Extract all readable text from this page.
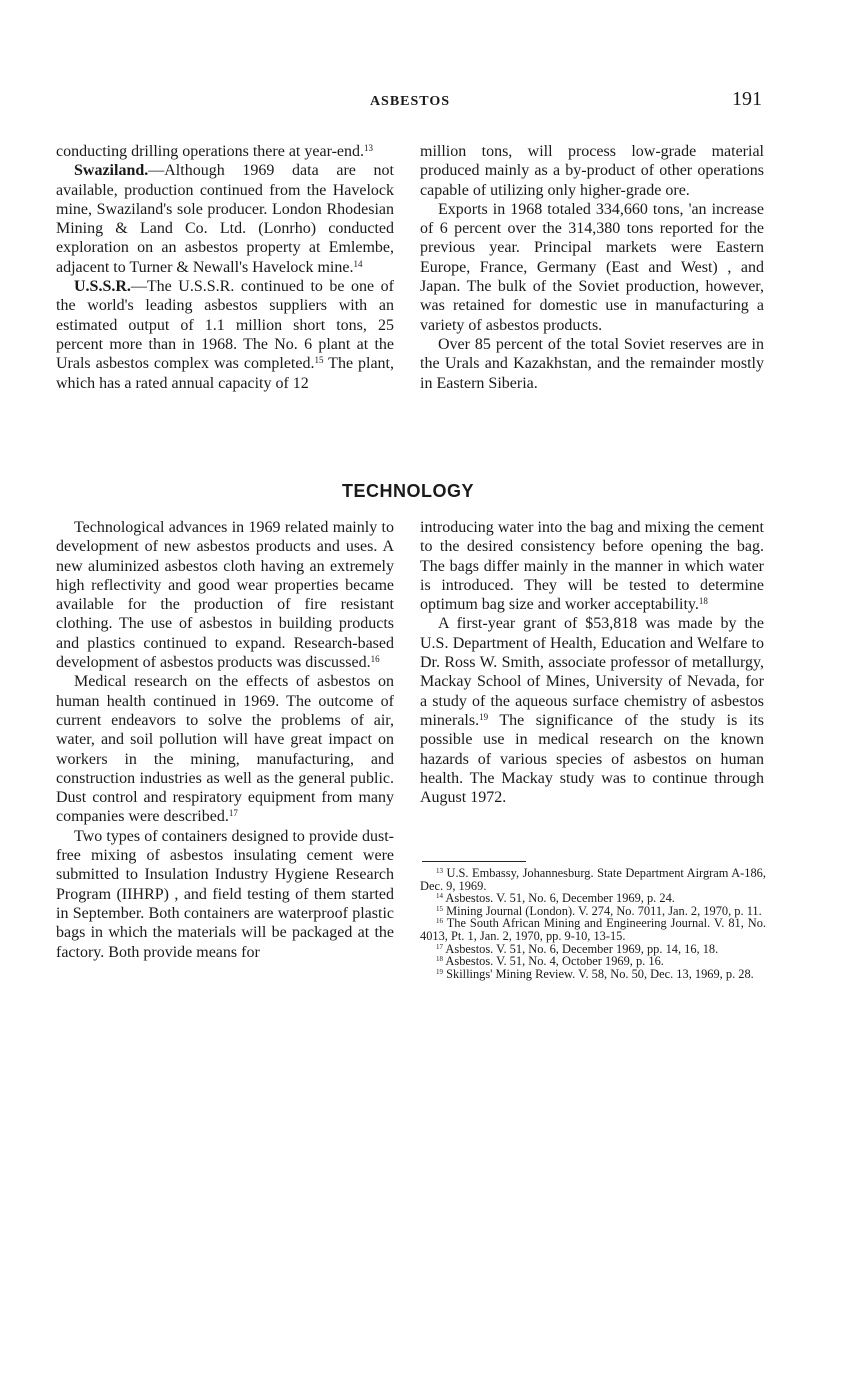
ASBESTOS	191

conducting drilling operations there at year-end.$^{13}$

Swaziland.—Although 1969 data are not available, production continued from the Havelock mine, Swaziland's sole producer. London Rhodesian Mining & Land Co. Ltd. (Lonrho) conducted exploration on an asbestos property at Emlembe, adjacent to Turner & Newall's Havelock mine.$^{14}$

U.S.S.R.—The U.S.S.R. continued to be one of the world's leading asbestos suppliers with an estimated output of 1.1 million short tons, 25 percent more than in 1968. The No. 6 plant at the Urals asbestos complex was completed.$^{15}$ The plant, which has a rated annual capacity of 12

million tons, will process low-grade material produced mainly as a by-product of other operations capable of utilizing only higher-grade ore.

Exports in 1968 totaled 334,660 tons, 'an increase of 6 percent over the 314,380 tons reported for the previous year. Principal markets were Eastern Europe, France, Germany (East and West) , and Japan. The bulk of the Soviet production, however, was retained for domestic use in manufacturing a variety of asbestos products.

Over 85 percent of the total Soviet reserves are in the Urals and Kazakhstan, and the remainder mostly in Eastern Siberia.

TECHNOLOGY

Technological advances in 1969 related mainly to development of new asbestos products and uses. A new aluminized asbestos cloth having an extremely high reflectivity and good wear properties became available for the production of fire resistant clothing. The use of asbestos in building products and plastics continued to expand. Research-based development of asbestos products was discussed.$^{16}$

Medical research on the effects of asbestos on human health continued in 1969. The outcome of current endeavors to solve the problems of air, water, and soil pollution will have great impact on workers in the mining, manufacturing, and construction industries as well as the general public. Dust control and respiratory equipment from many companies were described.$^{17}$

Two types of containers designed to provide dust-free mixing of asbestos insulating cement were submitted to Insulation Industry Hygiene Research Program (IIHRP) , and field testing of them started in September. Both containers are waterproof plastic bags in which the materials will be packaged at the factory. Both provide means for

introducing water into the bag and mixing the cement to the desired consistency before opening the bag. The bags differ mainly in the manner in which water is introduced. They will be tested to determine optimum bag size and worker acceptability.$^{18}$

A first-year grant of $53,818 was made by the U.S. Department of Health, Education and Welfare to Dr. Ross W. Smith, associate professor of metallurgy, Mackay School of Mines, University of Nevada, for a study of the aqueous surface chemistry of asbestos minerals.$^{19}$ The significance of the study is its possible use in medical research on the known hazards of various species of asbestos on human health. The Mackay study was to continue through August 1972.

$^{13}$ U.S. Embassy, Johannesburg. State Department Airgram A-186, Dec. 9, 1969.

$^{14}$ Asbestos. V. 51, No. 6, December 1969, p. 24.

$^{15}$ Mining Journal (London). V. 274, No. 7011, Jan. 2, 1970, p. 11.

$^{16}$ The South African Mining and Engineering Journal. V. 81, No. 4013, Pt. 1, Jan. 2, 1970, pp. 9-10, 13-15.

$^{17}$ Asbestos. V. 51, No. 6, December 1969, pp. 14, 16, 18.

$^{18}$ Asbestos. V. 51, No. 4, October 1969, p. 16.

$^{19}$ Skillings' Mining Review. V. 58, No. 50, Dec. 13, 1969, p. 28.
